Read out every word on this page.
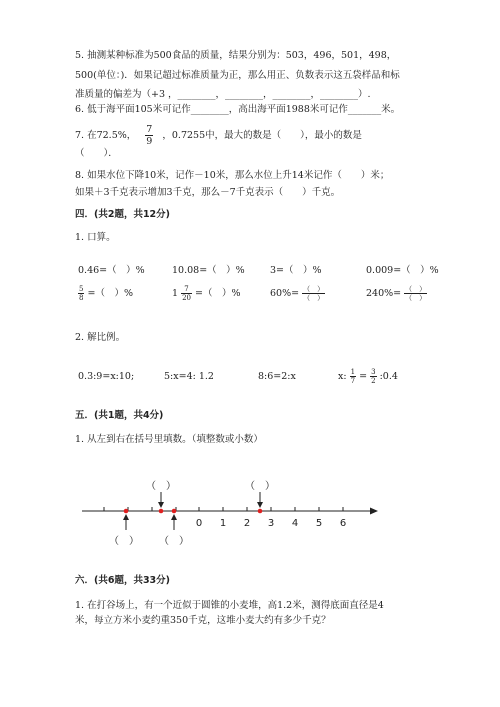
5. 抽测某种标准为500食品的质量，结果分别为：503，496，501，498，
500(单位：)．如果记超过标准质量为正，那么用正、负数表示这五袋样品和标
准质量的偏差为（+3 ，________，________，________，________）.
6. 低于海平面105米可记作________，高出海平面1988米可记作_______米。
7. 在72.5%， $\frac{7}{9}$ ，0.7255中，最大的数是（　　），最小的数是
（　　）．
8. 如果水位下降10米，记作－10米，那么水位上升14米记作（　　）米；
如果＋3千克表示增加3千克，那么－7千克表示（　　）千克。
四．(共2题，共12分)
1. 口算。
0.46=（　）%	10.08=（　）%	3=（　）%	0.009=（　）%
$\frac{5}{8}$ =（　）%	$1 \frac{7}{20}$ =（　）%	$60\%= \frac{( )}{( )}$	$240\%= \frac{( )}{( )}$
2. 解比例。
0.3:9=x:10;	5:x=4: 1.2	8:6=2:x	x: $\frac{1}{7} = \frac{3}{2}$ :0.4
五．(共1题，共4分)
1. 从左到右在括号里填数。（填整数或小数）
0 1 2 3 4 5 6
（　）	（　）
（　） （　）
六．(共6题，共33分)
1. 在打谷场上，有一个近似于圆锥的小麦堆，高1.2米，测得底面直径是4
米，每立方米小麦约重350千克，这堆小麦大约有多少千克？
